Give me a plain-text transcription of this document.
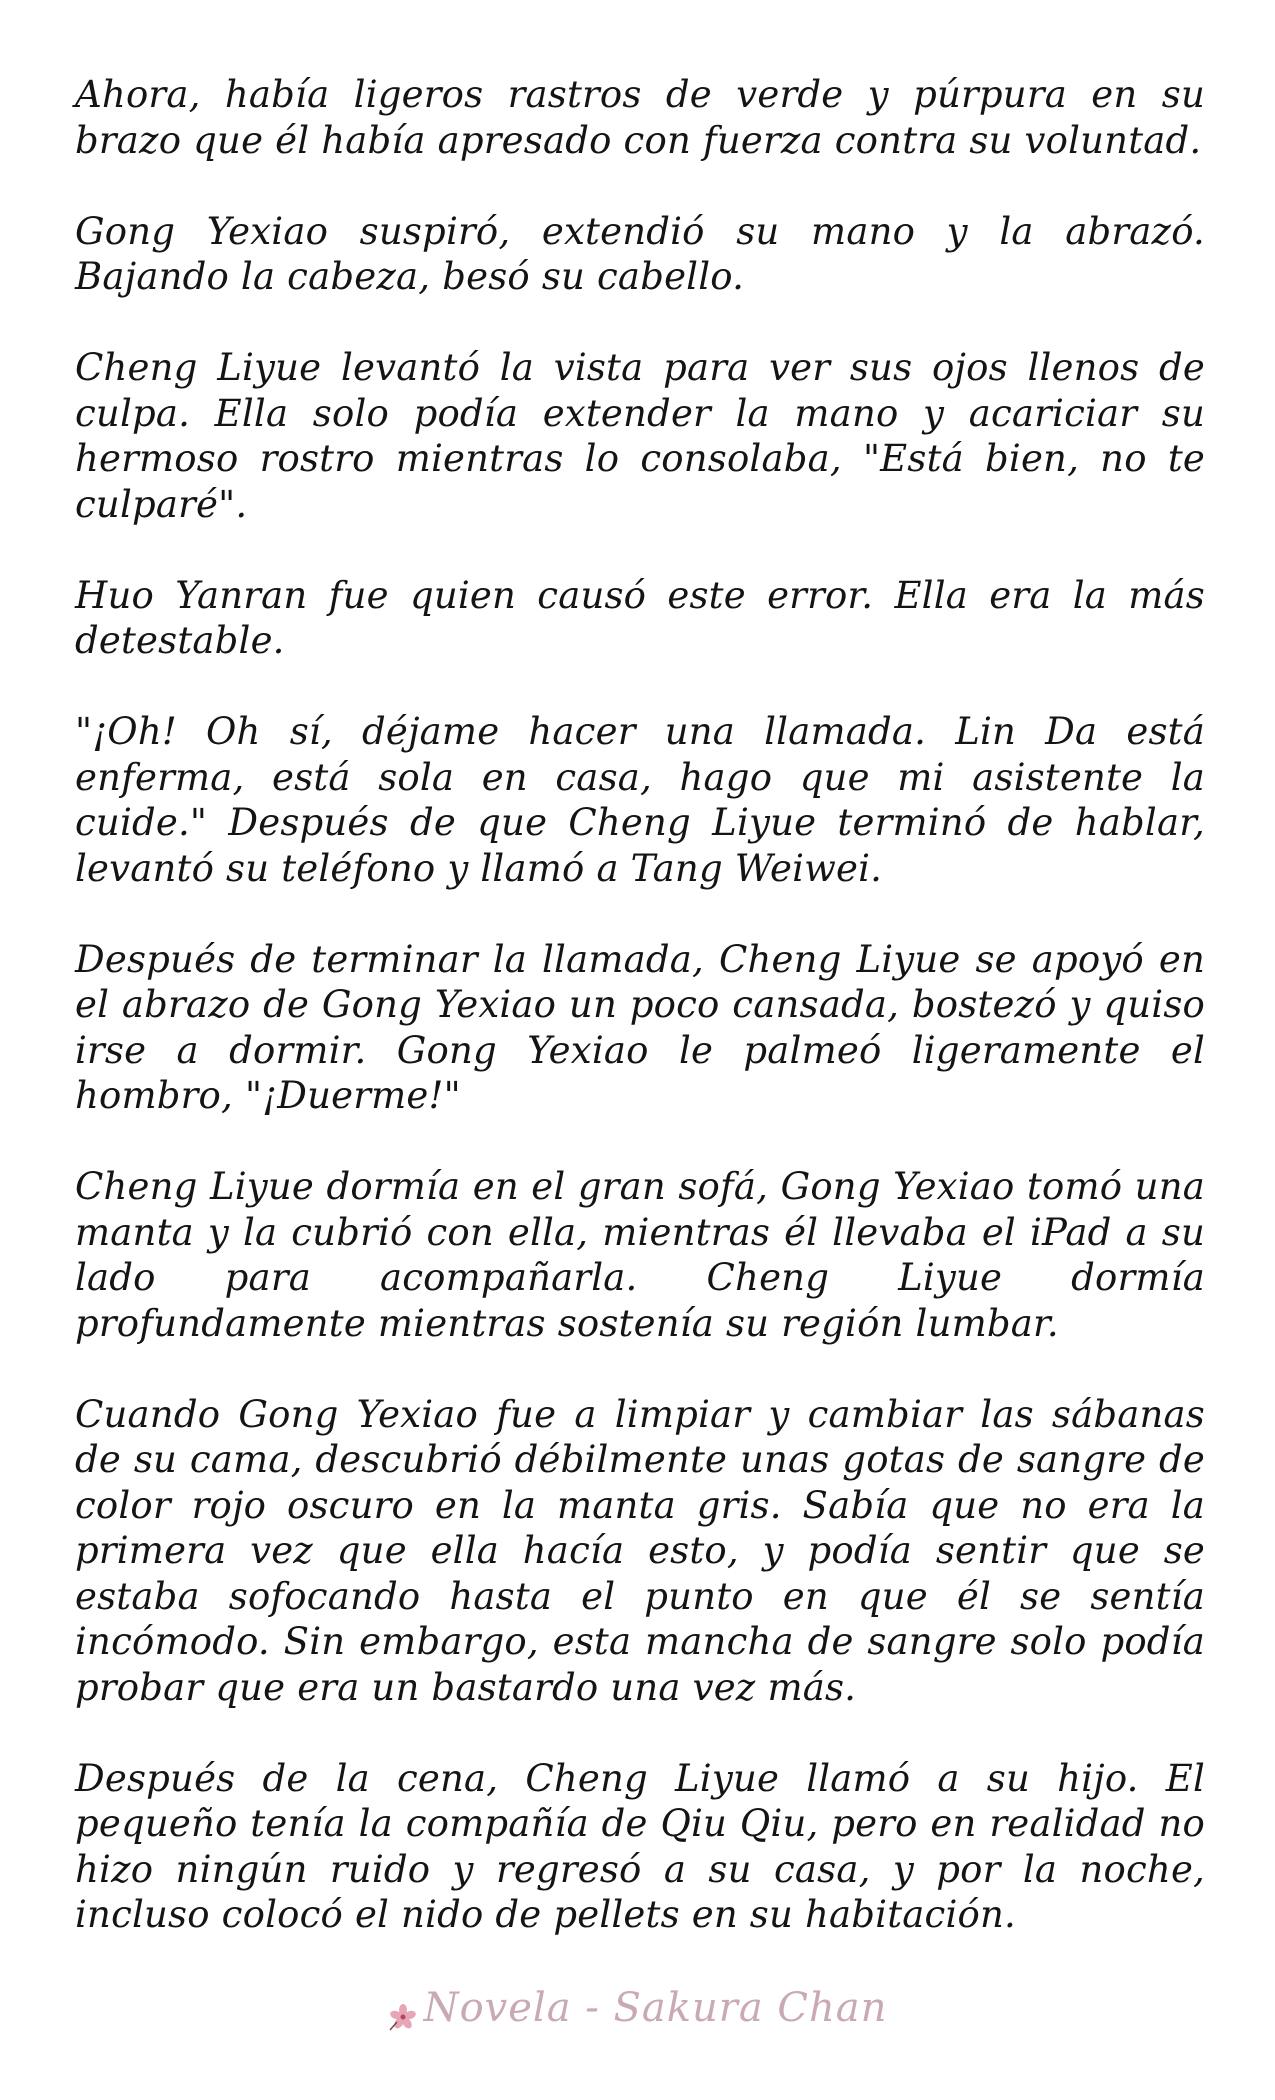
Ahora, había ligeros rastros de verde y púrpura en su brazo que él había apresado con fuerza contra su voluntad.

Gong Yexiao suspiró, extendió su mano y la abrazó. Bajando la cabeza, besó su cabello.

Cheng Liyue levantó la vista para ver sus ojos llenos de culpa. Ella solo podía extender la mano y acariciar su hermoso rostro mientras lo consolaba, "Está bien, no te culparé".

Huo Yanran fue quien causó este error. Ella era la más detestable.

"¡Oh! Oh sí, déjame hacer una llamada. Lin Da está enferma, está sola en casa, hago que mi asistente la cuide." Después de que Cheng Liyue terminó de hablar, levantó su teléfono y llamó a Tang Weiwei.

Después de terminar la llamada, Cheng Liyue se apoyó en el abrazo de Gong Yexiao un poco cansada, bostezó y quiso irse a dormir. Gong Yexiao le palmeó ligeramente el hombro, "¡Duerme!"

Cheng Liyue dormía en el gran sofá, Gong Yexiao tomó una manta y la cubrió con ella, mientras él llevaba el iPad a su lado para acompañarla. Cheng Liyue dormía profundamente mientras sostenía su región lumbar.

Cuando Gong Yexiao fue a limpiar y cambiar las sábanas de su cama, descubrió débilmente unas gotas de sangre de color rojo oscuro en la manta gris. Sabía que no era la primera vez que ella hacía esto, y podía sentir que se estaba sofocando hasta el punto en que él se sentía incómodo. Sin embargo, esta mancha de sangre solo podía probar que era un bastardo una vez más.

Después de la cena, Cheng Liyue llamó a su hijo. El pequeño tenía la compañía de Qiu Qiu, pero en realidad no hizo ningún ruido y regresó a su casa, y por la noche, incluso colocó el nido de pellets en su habitación.

Novela - Sakura Chan
